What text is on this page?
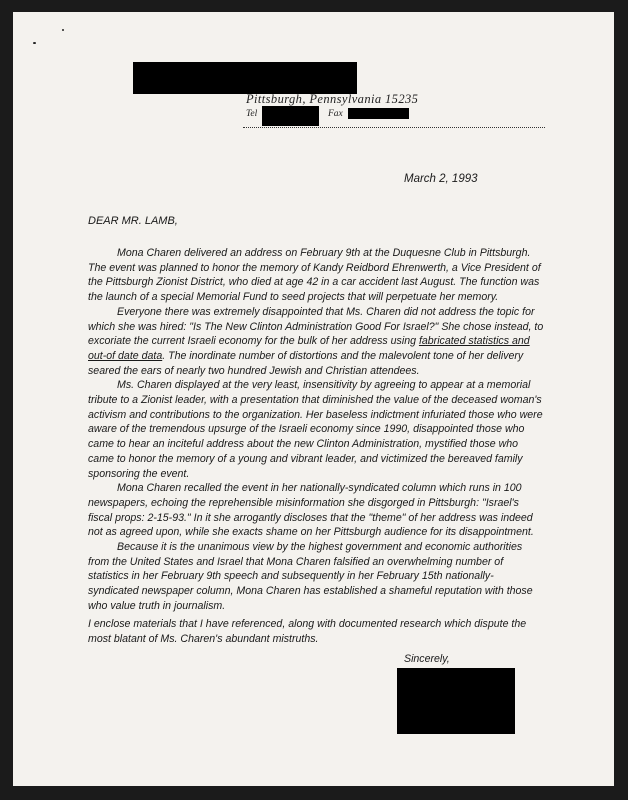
Pittsburgh, Pennsylvania 15235
Tel	Fax
March 2, 1993
DEAR MR. LAMB,

Mona Charen delivered an address on February 9th at the Duquesne Club in Pittsburgh. The event was planned to honor the memory of Kandy Reidbord Ehrenwerth, a Vice President of the Pittsburgh Zionist District, who died at age 42 in a car accident last August. The function was the launch of a special Memorial Fund to seed projects that will perpetuate her memory.

Everyone there was extremely disappointed that Ms. Charen did not address the topic for which she was hired: "Is The New Clinton Administration Good For Israel?" She chose instead, to excoriate the current Israeli economy for the bulk of her address using fabricated statistics and out-of date data. The inordinate number of distortions and the malevolent tone of her delivery seared the ears of nearly two hundred Jewish and Christian attendees.

Ms. Charen displayed at the very least, insensitivity by agreeing to appear at a memorial tribute to a Zionist leader, with a presentation that diminished the value of the deceased woman's activism and contributions to the organization. Her baseless indictment infuriated those who were aware of the tremendous upsurge of the Israeli economy since 1990, disappointed those who came to hear an inciteful address about the new Clinton Administration, mystified those who came to honor the memory of a young and vibrant leader, and victimized the bereaved family sponsoring the event.

Mona Charen recalled the event in her nationally-syndicated column which runs in 100 newspapers, echoing the reprehensible misinformation she disgorged in Pittsburgh: "Israel's fiscal props: 2-15-93." In it she arrogantly discloses that the "theme" of her address was indeed not as agreed upon, while she exacts shame on her Pittsburgh audience for its disappointment.

Because it is the unanimous view by the highest government and economic authorities from the United States and Israel that Mona Charen falsified an overwhelming number of statistics in her February 9th speech and subsequently in her February 15th nationally-syndicated newspaper column, Mona Charen has established a shameful reputation with those who value truth in journalism.

I enclose materials that I have referenced, along with documented research which dispute the most blatant of Ms. Charen's abundant mistruths.
Sincerely,
